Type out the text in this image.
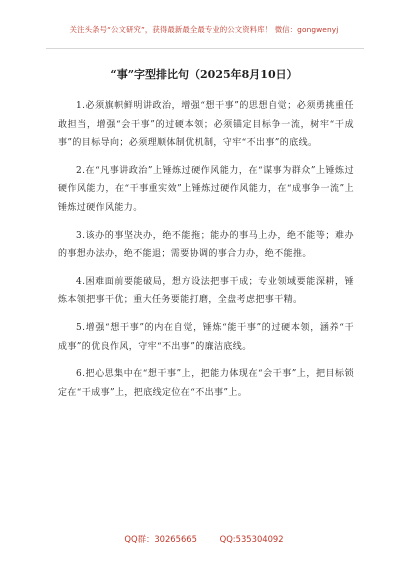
关注头条号“公文研究”，获得最新最全最专业的公文资料库！ 微信：gongwenyj
“事”字型排比句（2025年8月10日）

1.必须旗帜鲜明讲政治，增强“想干事”的思想自觉；必须勇挑重任敢担当，增强“会干事”的过硬本领；必须锚定目标争一流，树牢“干成事”的目标导向；必须理顺体制优机制，守牢“不出事”的底线。

2.在“凡事讲政治”上锤炼过硬作风能力，在“谋事为群众”上锤炼过硬作风能力，在“干事重实效”上锤炼过硬作风能力，在“成事争一流”上锤炼过硬作风能力。

3.该办的事坚决办，绝不能拖；能办的事马上办，绝不能等；难办的事想办法办，绝不能退；需要协调的事合力办，绝不能推。

4.困难面前要能破局，想方设法把事干成；专业领域要能深耕，锤炼本领把事干优；重大任务要能打磨，全盘考虑把事干精。

5.增强“想干事”的内在自觉，锤炼“能干事”的过硬本领，涵养“干成事”的优良作风，守牢“不出事”的廉洁底线。

6.把心思集中在“想干事”上，把能力体现在“会干事”上，把目标锁定在“干成事”上，把底线定位在“不出事”上。

QQ群：30265665	QQ:535304092
